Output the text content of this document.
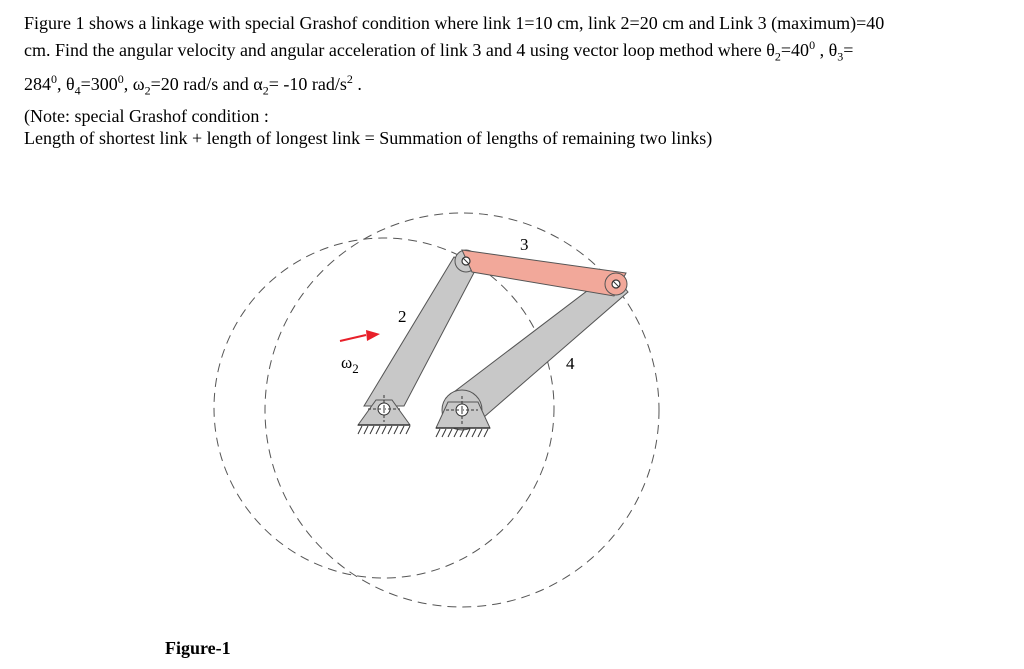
Figure 1 shows a linkage with special Grashof condition where link 1=10 cm, link 2=20 cm and Link 3 (maximum)=40

cm. Find the angular velocity and angular acceleration of link 3 and 4 using vector loop method where $\theta_2=40^0$ , $\theta_3=$

$284^0$, $\theta_4=300^0$, $\omega_2=20$ rad/s and $\alpha_2= -10$ rad/$s^2$ .

(Note: special Grashof condition :

Length of shortest link + length of longest link = Summation of lengths of remaining two links)

2
3
4
$\omega_2$
Figure-1
